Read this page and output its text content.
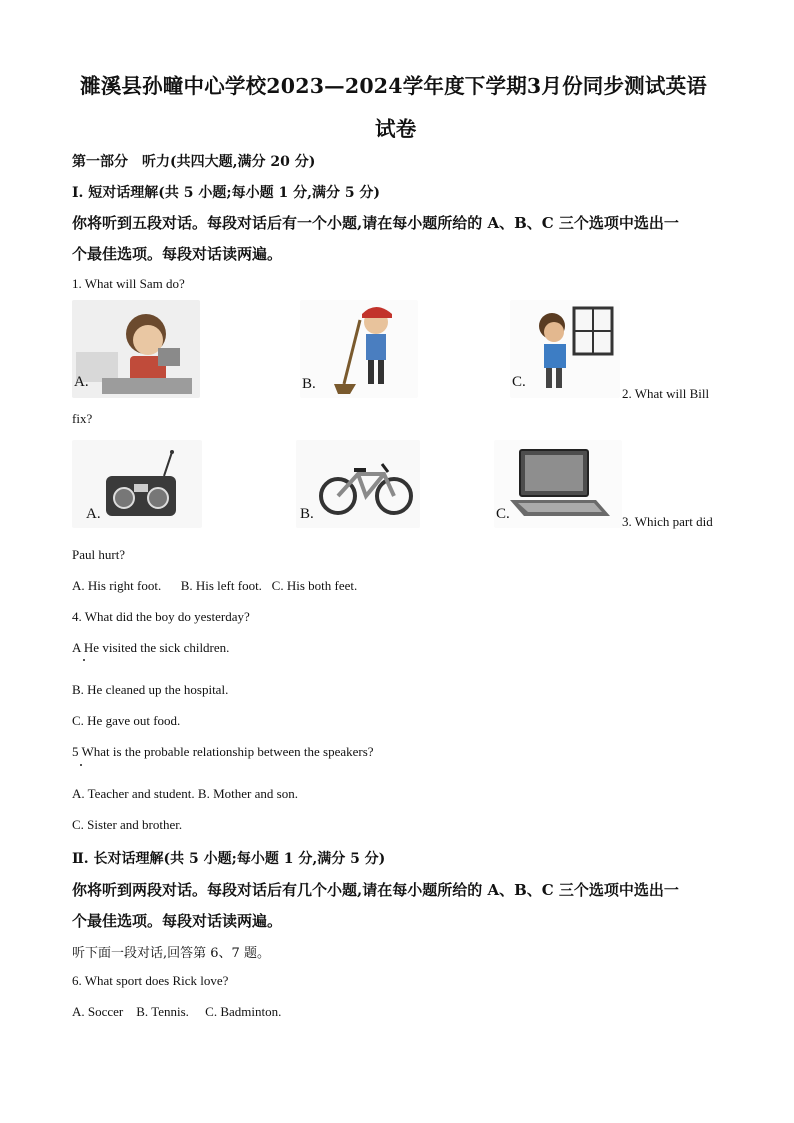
濉溪县孙疃中心学校2023—2024学年度下学期3月份同步测试英语
试卷
第一部分　听力(共四大题,满分 20 分)
Ⅰ. 短对话理解(共 5 小题;每小题 1 分,满分 5 分)
你将听到五段对话。每段对话后有一个小题,请在每小题所给的 A、B、C 三个选项中选出一
个最佳选项。每段对话读两遍。
1. What will Sam do?
A.	B.	C.
2. What will Bill
fix?
A.	B.	C.	3. Which part did
Paul hurt?
A. His right foot.      B. His left foot.   C. His both feet.
4. What did the boy do yesterday?
A He visited the sick children.
B. He cleaned up the hospital.
C. He gave out food.
5 What is the probable relationship between the speakers?
A. Teacher and student. B. Mother and son.
C. Sister and brother.
Ⅱ. 长对话理解(共 5 小题;每小题 1 分,满分 5 分)
你将听到两段对话。每段对话后有几个小题,请在每小题所给的 A、B、C 三个选项中选出一
个最佳选项。每段对话读两遍。
听下面一段对话,回答第 6、7 题。
6. What sport does Rick love?
A. Soccer    B. Tennis.     C. Badminton.
